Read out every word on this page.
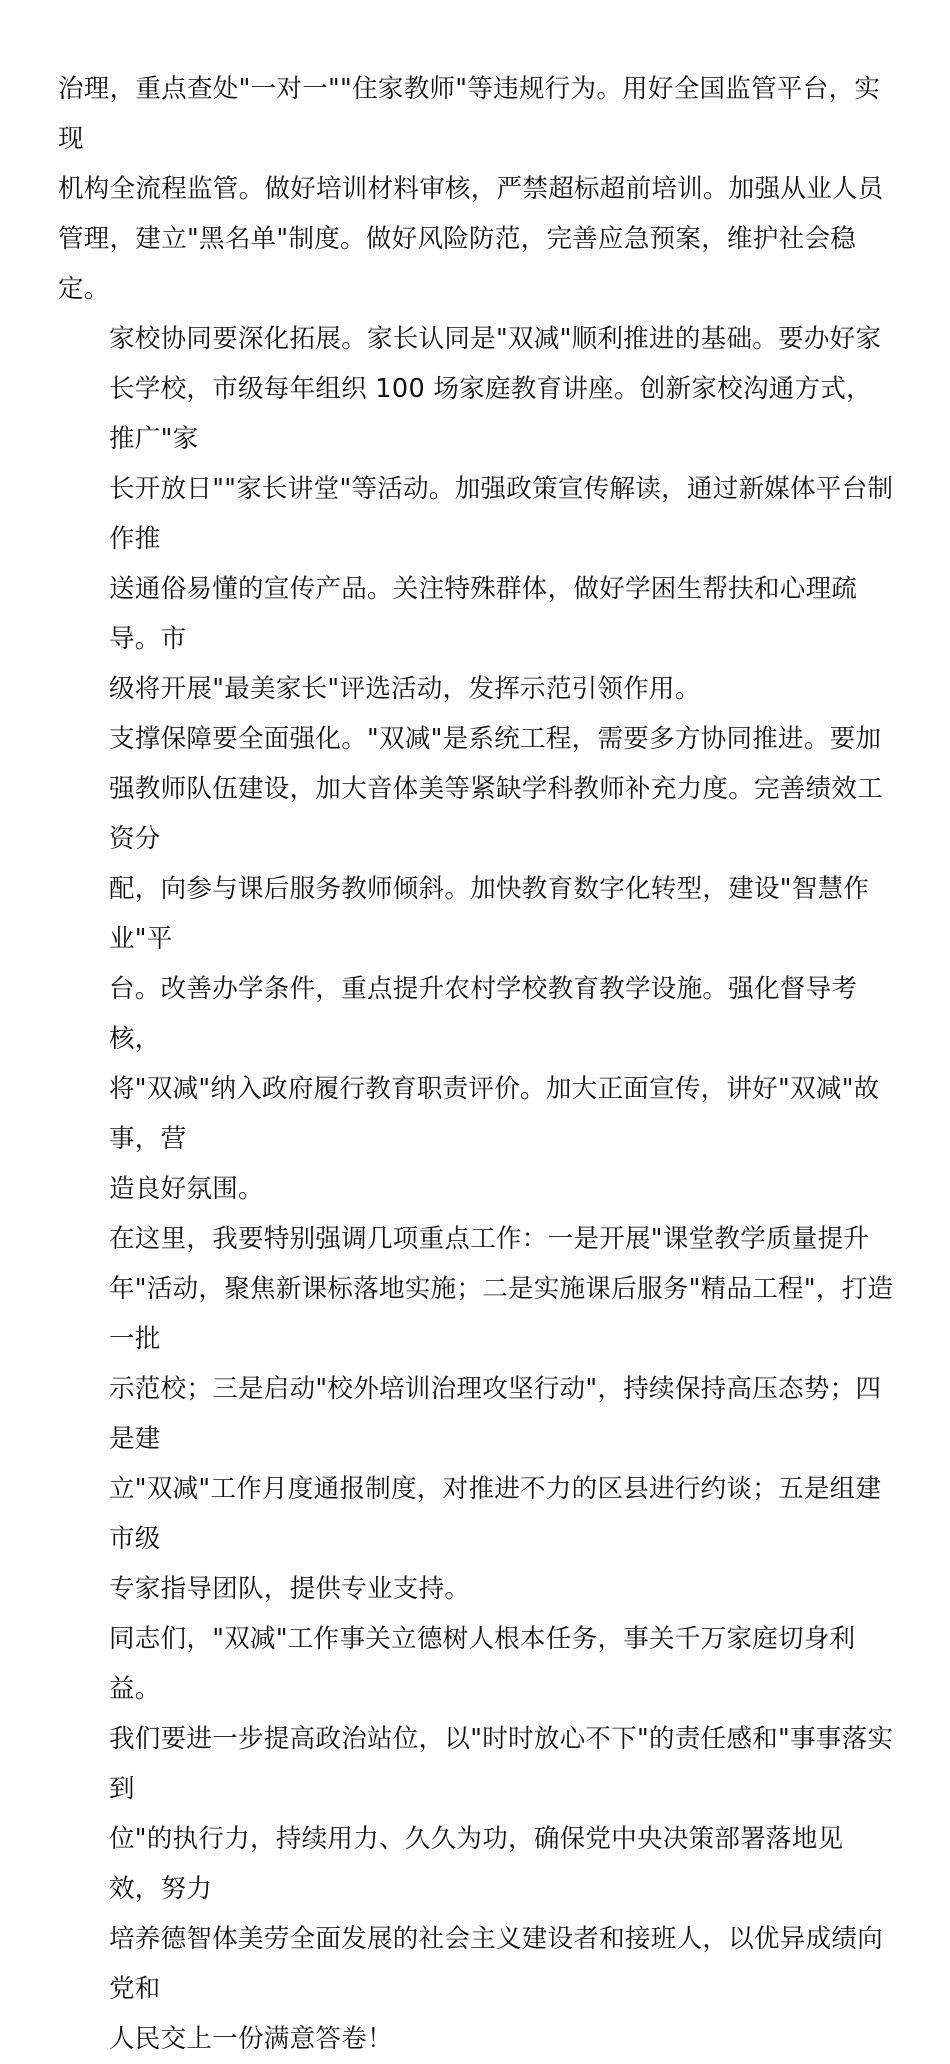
治理，重点查处"一对一""住家教师"等违规行为。用好全国监管平台，实现
机构全流程监管。做好培训材料审核，严禁超标超前培训。加强从业人员
管理，建立"黑名单"制度。做好风险防范，完善应急预案，维护社会稳定。

家校协同要深化拓展。家长认同是"双减"顺利推进的基础。要办好家
长学校，市级每年组织 100 场家庭教育讲座。创新家校沟通方式，推广"家
长开放日""家长讲堂"等活动。加强政策宣传解读，通过新媒体平台制作推
送通俗易懂的宣传产品。关注特殊群体，做好学困生帮扶和心理疏导。市
级将开展"最美家长"评选活动，发挥示范引领作用。

支撑保障要全面强化。"双减"是系统工程，需要多方协同推进。要加
强教师队伍建设，加大音体美等紧缺学科教师补充力度。完善绩效工资分
配，向参与课后服务教师倾斜。加快教育数字化转型，建设"智慧作业"平
台。改善办学条件，重点提升农村学校教育教学设施。强化督导考核，
将"双减"纳入政府履行教育职责评价。加大正面宣传，讲好"双减"故事，营
造良好氛围。

在这里，我要特别强调几项重点工作：一是开展"课堂教学质量提升
年"活动，聚焦新课标落地实施；二是实施课后服务"精品工程"，打造一批
示范校；三是启动"校外培训治理攻坚行动"，持续保持高压态势；四是建
立"双减"工作月度通报制度，对推进不力的区县进行约谈；五是组建市级
专家指导团队，提供专业支持。

同志们，"双减"工作事关立德树人根本任务，事关千万家庭切身利益。
我们要进一步提高政治站位，以"时时放心不下"的责任感和"事事落实到
位"的执行力，持续用力、久久为功，确保党中央决策部署落地见效，努力
培养德智体美劳全面发展的社会主义建设者和接班人，以优异成绩向党和
人民交上一份满意答卷！
